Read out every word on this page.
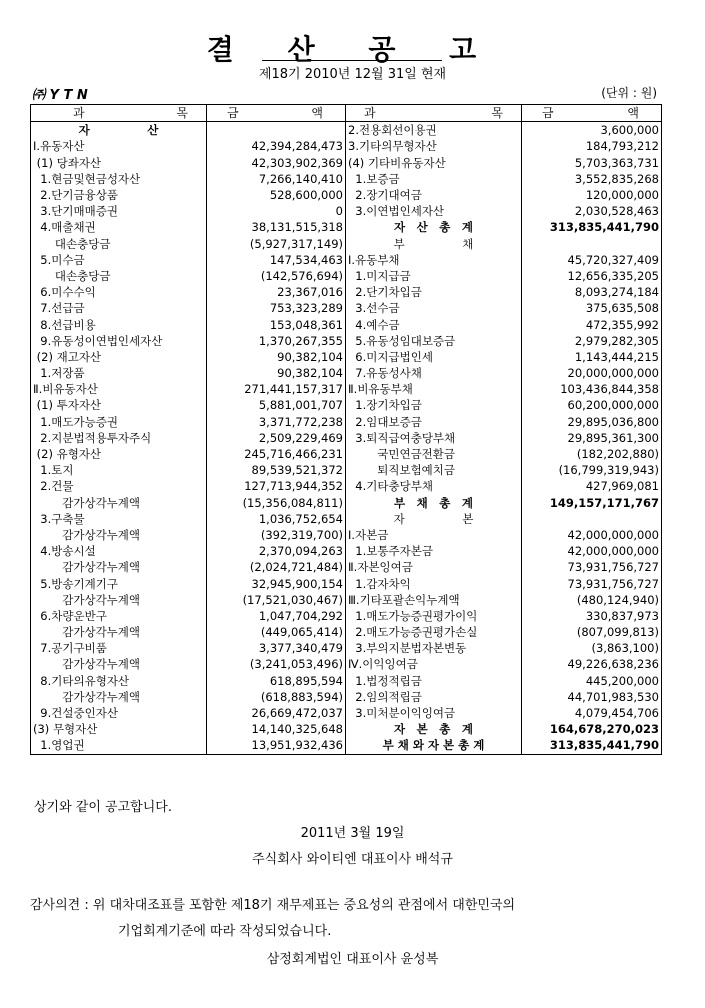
결 산 공 고
제18기 2010년 12월 31일 현재
㈜ Y T N	(단위 : 원)
과 목	금 액	과 목	금 액

자　　　　　산		2.전용회선이용권	3,600,000
Ⅰ.유동자산	42,394,284,473	3.기타의무형자산	184,793,212
(1) 당좌자산	42,303,902,369	(4) 기타비유동자산	5,703,363,731
1.현금및현금성자산	7,266,140,410	1.보증금	3,552,835,268
2.단기금융상품	528,600,000	2.장기대여금	120,000,000
3.단기매매증권	0	3.이연법인세자산	2,030,528,463
4.매출채권	38,131,515,318	자　산　총　계	313,835,441,790
대손충당금	(5,927,317,149)	부　　　　　채	
5.미수금	147,534,463	Ⅰ.유동부채	45,720,327,409
대손충당금	(142,576,694)	1.미지급금	12,656,335,205
6.미수수익	23,367,016	2.단기차입금	8,093,274,184
7.선급금	753,323,289	3.선수금	375,635,508
8.선급비용	153,048,361	4.예수금	472,355,992
9.유동성이연법인세자산	1,370,267,355	5.유동성임대보증금	2,979,282,305
(2) 재고자산	90,382,104	6.미지급법인세	1,143,444,215
1.저장품	90,382,104	7.유동성사채	20,000,000,000
Ⅱ.비유동자산	271,441,157,317	Ⅱ.비유동부채	103,436,844,358
(1) 투자자산	5,881,001,707	1.장기차입금	60,200,000,000
1.매도가능증권	3,371,772,238	2.임대보증금	29,895,036,800
2.지분법적용투자주식	2,509,229,469	3.퇴직급여충당부채	29,895,361,300
(2) 유형자산	245,716,466,231	국민연금전환금	(182,202,880)
1.토지	89,539,521,372	퇴직보험예치금	(16,799,319,943)
2.건물	127,713,944,352	4.기타충당부채	427,969,081
감가상각누계액	(15,356,084,811)	부　채　총　계	149,157,171,767
3.구축물	1,036,752,654	자　　　　　본	
감가상각누계액	(392,319,700)	Ⅰ.자본금	42,000,000,000
4.방송시설	2,370,094,263	1.보통주자본금	42,000,000,000
감가상각누계액	(2,024,721,484)	Ⅱ.자본잉여금	73,931,756,727
5.방송기계기구	32,945,900,154	1.감자차익	73,931,756,727
감가상각누계액	(17,521,030,467)	Ⅲ.기타포괄손익누계액	(480,124,940)
6.차량운반구	1,047,704,292	1.매도가능증권평가이익	330,837,973
감가상각누계액	(449,065,414)	2.매도가능증권평가손실	(807,099,813)
7.공기구비품	3,377,340,479	3.부의지분법자본변동	(3,863,100)
감가상각누계액	(3,241,053,496)	Ⅳ.이익잉여금	49,226,638,236
8.기타의유형자산	618,895,594	1.법정적립금	445,200,000
감가상각누계액	(618,883,594)	2.임의적립금	44,701,983,530
9.건설중인자산	26,669,472,037	3.미처분이익잉여금	4,079,454,706
(3) 무형자산	14,140,325,648	자　본　총　계	164,678,270,023
1.영업권	13,951,932,436	부 채 와 자 본 총 계	313,835,441,790
상기와 같이 공고합니다.
2011년 3월 19일
주식회사 와이티엔 대표이사 배석규
감사의견 : 위 대차대조표를 포함한 제18기 재무제표는 중요성의 관점에서 대한민국의
기업회계기준에 따라 작성되었습니다.
삼정회계법인 대표이사 윤성복
